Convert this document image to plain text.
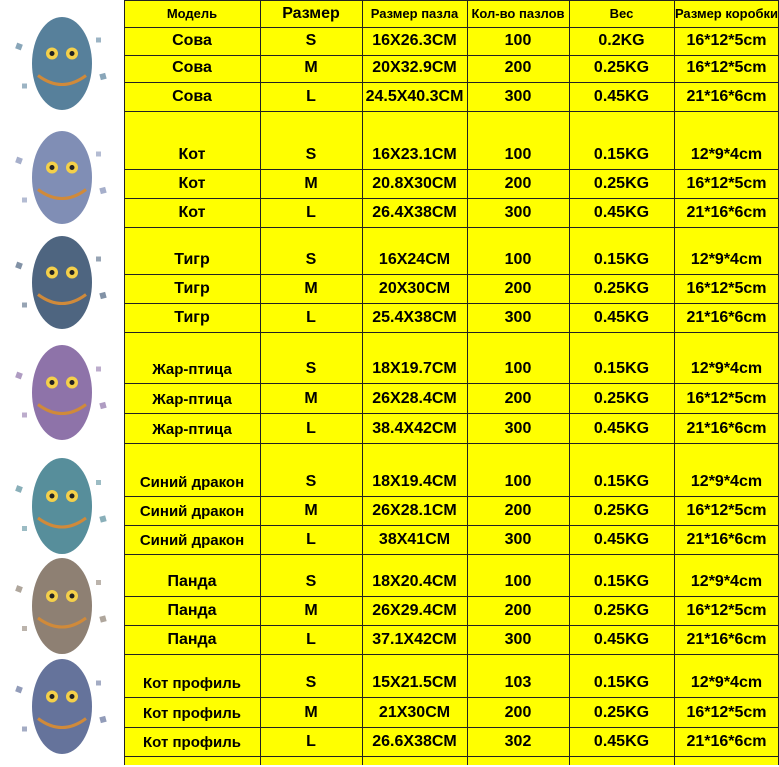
Модель	Размер	Размер пазла	Кол-во пазлов	Вес	Размер коробки
Сова	S	16X26.3CM	100	0.2KG	16*12*5cm
Сова	M	20X32.9CM	200	0.25KG	16*12*5cm
Сова	L	24.5X40.3CM	300	0.45KG	21*16*6cm
Кот	S	16X23.1CM	100	0.15KG	12*9*4cm
Кот	M	20.8X30CM	200	0.25KG	16*12*5cm
Кот	L	26.4X38CM	300	0.45KG	21*16*6cm
Тигр	S	16X24CM	100	0.15KG	12*9*4cm
Тигр	M	20X30CM	200	0.25KG	16*12*5cm
Тигр	L	25.4X38CM	300	0.45KG	21*16*6cm
Жар-птица	S	18X19.7CM	100	0.15KG	12*9*4cm
Жар-птица	M	26X28.4CM	200	0.25KG	16*12*5cm
Жар-птица	L	38.4X42CM	300	0.45KG	21*16*6cm
Синий дракон	S	18X19.4CM	100	0.15KG	12*9*4cm
Синий дракон	M	26X28.1CM	200	0.25KG	16*12*5cm
Синий дракон	L	38X41CM	300	0.45KG	21*16*6cm
Панда	S	18X20.4CM	100	0.15KG	12*9*4cm
Панда	M	26X29.4CM	200	0.25KG	16*12*5cm
Панда	L	37.1X42CM	300	0.45KG	21*16*6cm
Кот профиль	S	15X21.5CM	103	0.15KG	12*9*4cm
Кот профиль	M	21X30CM	200	0.25KG	16*12*5cm
Кот профиль	L	26.6X38CM	302	0.45KG	21*16*6cm
